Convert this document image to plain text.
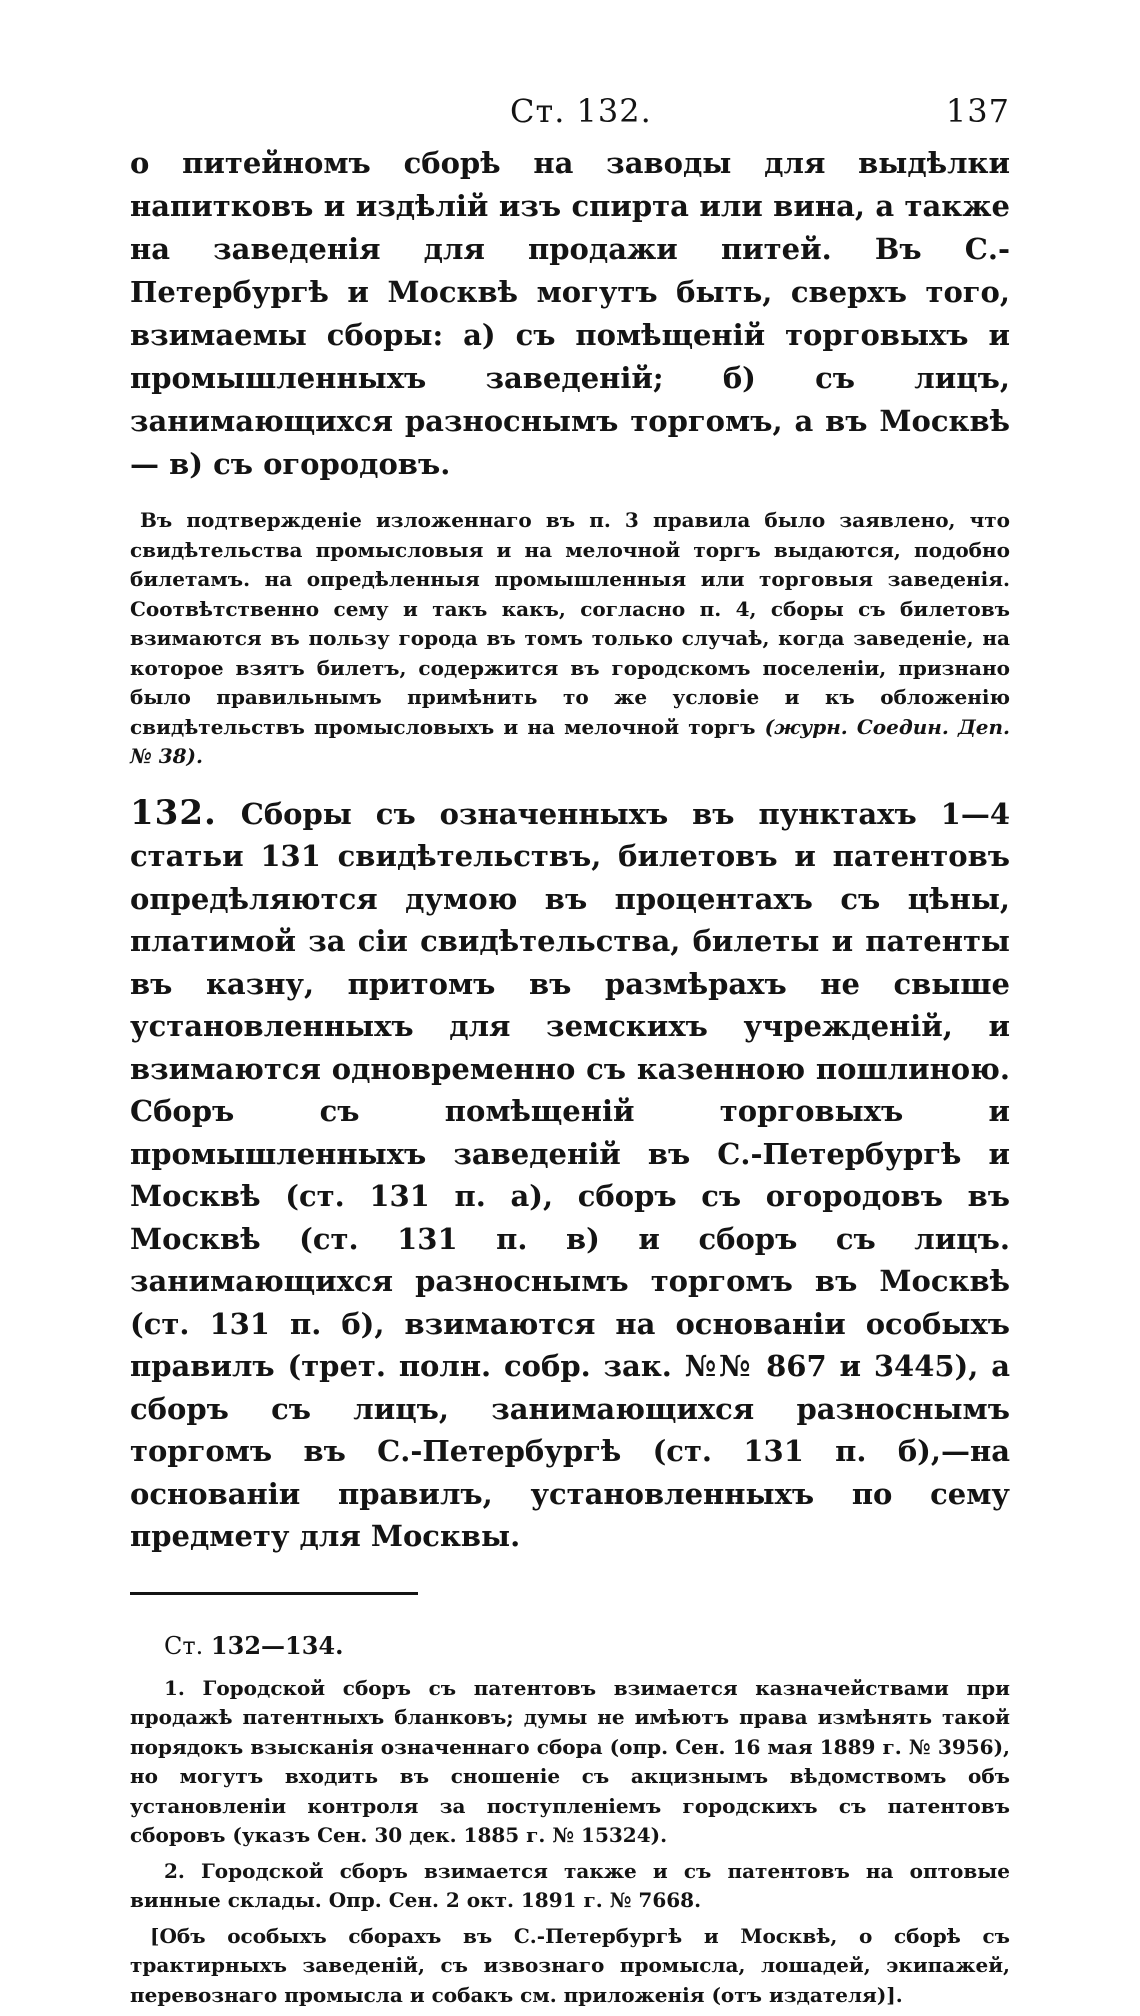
Ст. 132.	137

о питейномъ сборѣ на заводы для выдѣлки напитковъ и издѣлій изъ спирта или вина, а также на заведенія для продажи питей. Въ С.-Петербургѣ и Москвѣ могутъ быть, сверхъ того, взимаемы сборы: а) съ помѣщеній торговыхъ и промышленныхъ заведеній; б) съ лицъ, занимающихся разноснымъ торгомъ, а въ Москвѣ— в) съ огородовъ.

Въ подтвержденіе изложеннаго въ п. 3 правила было заявлено, что свидѣтельства промысловыя и на мелочной торгъ выдаются, подобно билетамъ. на опредѣленныя промышленныя или торговыя заведенія. Соотвѣтственно сему и такъ какъ, согласно п. 4, сборы съ билетовъ взимаются въ пользу города въ томъ только случаѣ, когда заведеніе, на которое взятъ билетъ, содержится въ городскомъ поселеніи, признано было правильнымъ примѣнить то же условіе и къ обложенію свидѣтельствъ промысловыхъ и на мелочной торгъ (журн. Соедин. Деп. № 38).

132. Сборы съ означенныхъ въ пунктахъ 1—4 статьи 131 свидѣтельствъ, билетовъ и патентовъ опредѣляются думою въ процентахъ съ цѣны, платимой за сіи свидѣтельства, билеты и патенты въ казну, притомъ въ размѣрахъ не свыше установленныхъ для земскихъ учрежденій, и взимаются одновременно съ казенною пошлиною. Сборъ съ помѣщеній торговыхъ и промышленныхъ заведеній въ С.-Петербургѣ и Москвѣ (ст. 131 п. а), сборъ съ огородовъ въ Москвѣ (ст. 131 п. в) и сборъ съ лицъ. занимающихся разноснымъ торгомъ въ Москвѣ (ст. 131 п. б), взимаются на основаніи особыхъ правилъ (трет. полн. собр. зак. №№ 867 и 3445), а сборъ съ лицъ, занимающихся разноснымъ торгомъ въ С.-Петербургѣ (ст. 131 п. б),—на основаніи правилъ, установленныхъ по сему предмету для Москвы.

Ст. 132—134.

1. Городской сборъ съ патентовъ взимается казначействами при продажѣ патентныхъ бланковъ; думы не имѣютъ права измѣнять такой порядокъ взысканія означеннаго сбора (опр. Сен. 16 мая 1889 г. № 3956), но могутъ входить въ сношеніе съ акцизнымъ вѣдомствомъ объ установленіи контроля за поступленіемъ городскихъ съ патентовъ сборовъ (указъ Сен. 30 дек. 1885 г. № 15324).

2. Городской сборъ взимается также и съ патентовъ на оптовые винные склады. Опр. Сен. 2 окт. 1891 г. № 7668.

[Объ особыхъ сборахъ въ С.-Петербургѣ и Москвѣ, о сборѣ съ трактирныхъ заведеній, съ извознаго промысла, лошадей, экипажей, перевознаго промысла и собакъ см. приложенія (отъ издателя)].
